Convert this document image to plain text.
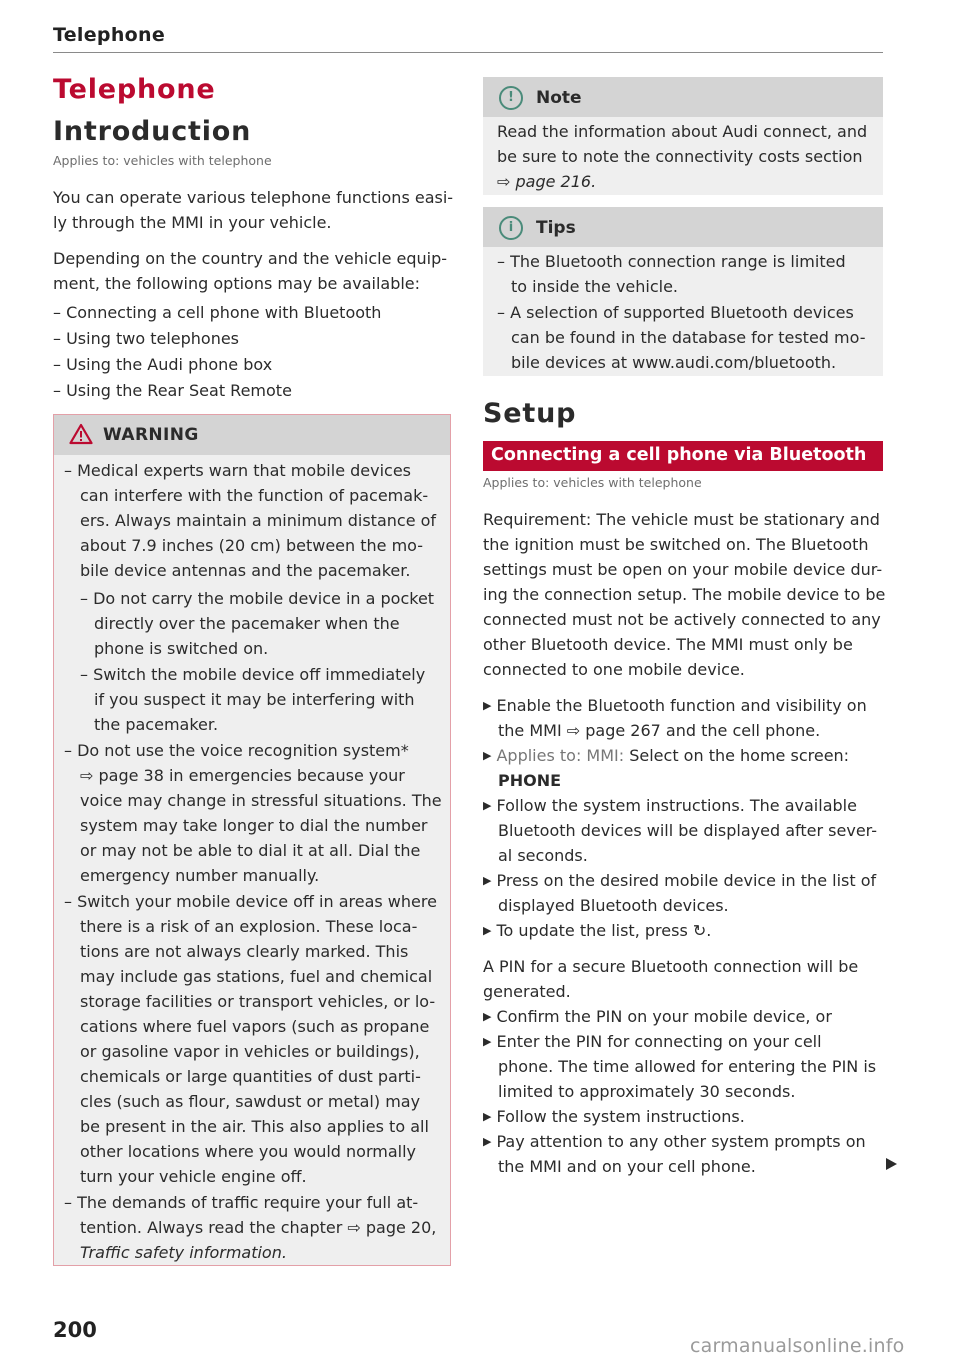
Telephone
Telephone
Introduction
Applies to: vehicles with telephone
You can operate various telephone functions easi-
ly through the MMI in your vehicle.
Depending on the country and the vehicle equip-
ment, the following options may be available:
– Connecting a cell phone with Bluetooth
– Using two telephones
– Using the Audi phone box
– Using the Rear Seat Remote
WARNING
– Medical experts warn that mobile devices
can interfere with the function of pacemak-
ers. Always maintain a minimum distance of
about 7.9 inches (20 cm) between the mo-
bile device antennas and the pacemaker.
– Do not carry the mobile device in a pocket
directly over the pacemaker when the
phone is switched on.
– Switch the mobile device off immediately
if you suspect it may be interfering with
the pacemaker.
– Do not use the voice recognition system*
⇨ page 38 in emergencies because your
voice may change in stressful situations. The
system may take longer to dial the number
or may not be able to dial it at all. Dial the
emergency number manually.
– Switch your mobile device off in areas where
there is a risk of an explosion. These loca-
tions are not always clearly marked. This
may include gas stations, fuel and chemical
storage facilities or transport vehicles, or lo-
cations where fuel vapors (such as propane
or gasoline vapor in vehicles or buildings),
chemicals or large quantities of dust parti-
cles (such as flour, sawdust or metal) may
be present in the air. This also applies to all
other locations where you would normally
turn your vehicle engine off.
– The demands of traffic require your full at-
tention. Always read the chapter ⇨ page 20,
Traffic safety information.
!	Note
Read the information about Audi connect, and
be sure to note the connectivity costs section
⇨ page 216.
i	Tips
– The Bluetooth connection range is limited
to inside the vehicle.
– A selection of supported Bluetooth devices
can be found in the database for tested mo-
bile devices at www.audi.com/bluetooth.
Setup
Connecting a cell phone via Bluetooth
Applies to: vehicles with telephone
Requirement: The vehicle must be stationary and
the ignition must be switched on. The Bluetooth
settings must be open on your mobile device dur-
ing the connection setup. The mobile device to be
connected must not be actively connected to any
other Bluetooth device. The MMI must only be
connected to one mobile device.
▶ Enable the Bluetooth function and visibility on
the MMI ⇨ page 267 and the cell phone.
▶ Applies to: MMI: Select on the home screen:
PHONE
▶ Follow the system instructions. The available
Bluetooth devices will be displayed after sever-
al seconds.
▶ Press on the desired mobile device in the list of
displayed Bluetooth devices.
▶ To update the list, press ↻.
A PIN for a secure Bluetooth connection will be
generated.
▶ Confirm the PIN on your mobile device, or
▶ Enter the PIN for connecting on your cell
phone. The time allowed for entering the PIN is
limited to approximately 30 seconds.
▶ Follow the system instructions.
▶ Pay attention to any other system prompts on
the MMI and on your cell phone.
200
carmanualsonline.info
